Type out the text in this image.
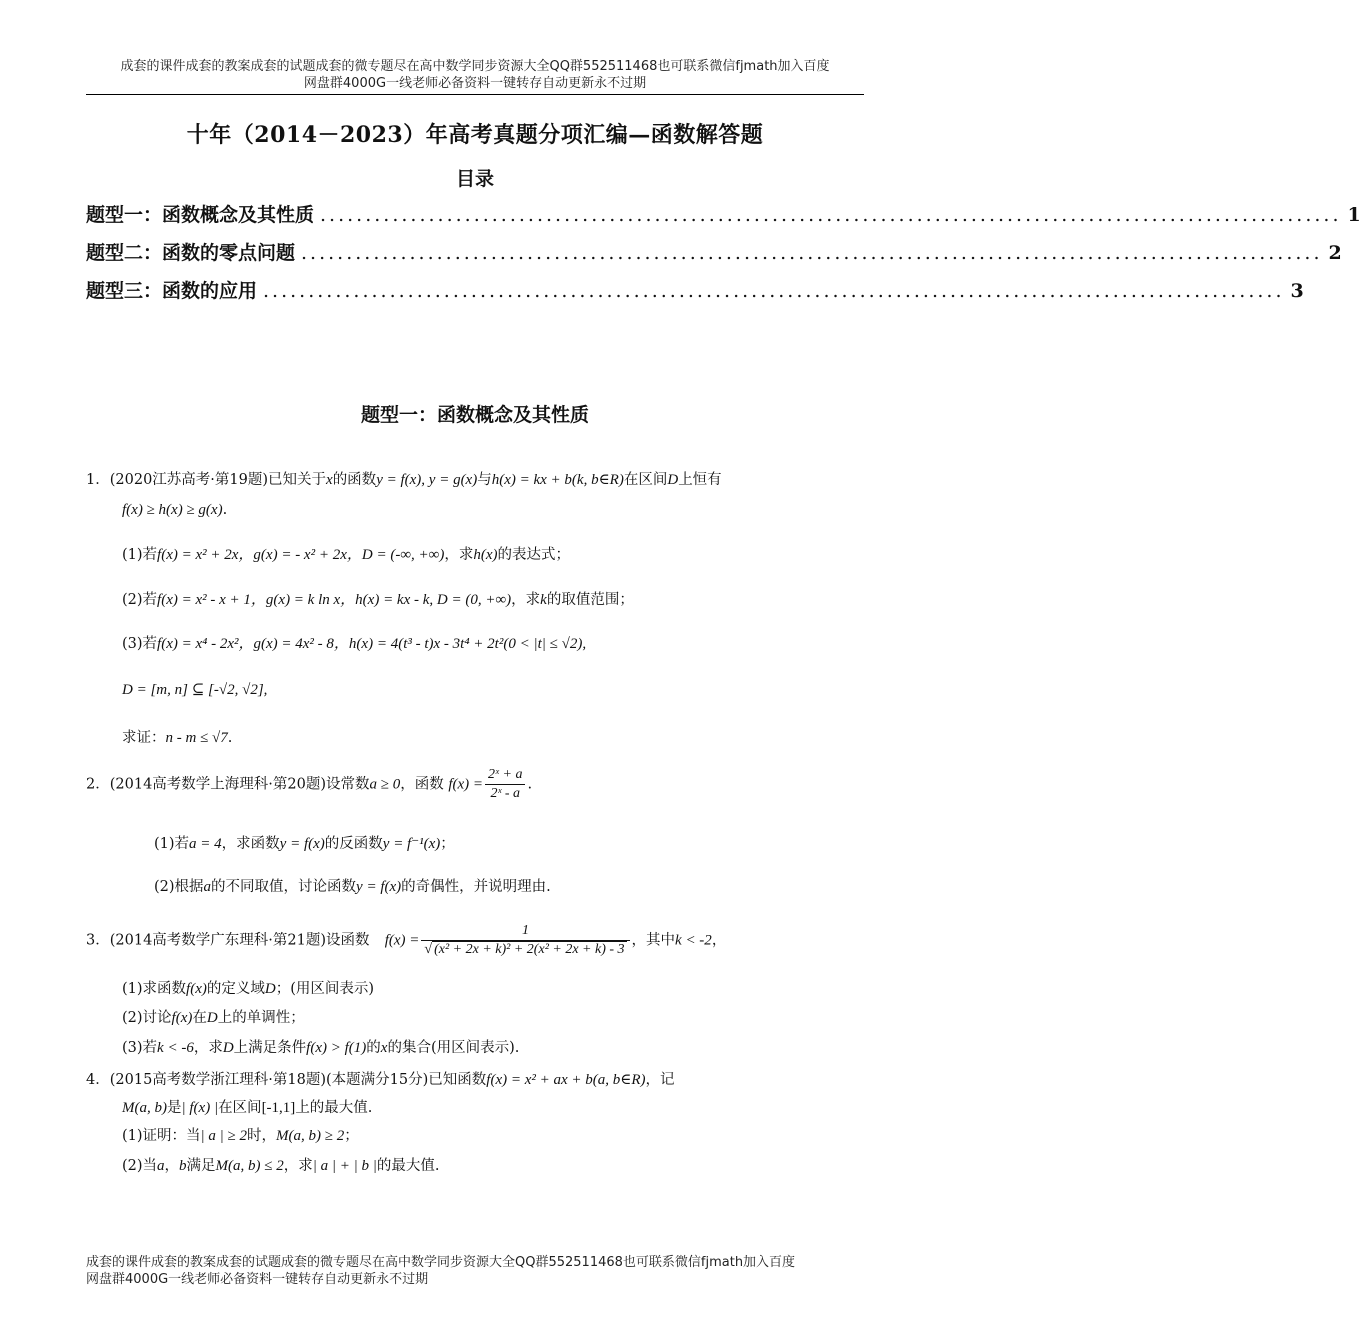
成套的课件成套的教案成套的试题成套的微专题尽在高中数学同步资源大全QQ群552511468也可联系微信fjmath加入百度
网盘群4000G一线老师必备资料一键转存自动更新永不过期
十年（2014－2023）年高考真题分项汇编—函数解答题
目录
题型一：函数概念及其性质 ................................................................................................................. 1
题型二：函数的零点问题 ................................................................................................................. 2
题型三：函数的应用 ................................................................................................................. 3
题型一：函数概念及其性质
1．(2020江苏高考·第19题)已知关于x的函数y = f(x), y = g(x)与h(x) = kx + b(k, b∈R)在区间D上恒有
f(x) ≥ h(x) ≥ g(x).
(1)若f(x) = x² + 2x，g(x) = - x² + 2x，D = (-∞, +∞)，求h(x)的表达式；
(2)若f(x) = x² - x + 1，g(x) = k ln x，h(x) = kx - k, D = (0, +∞)，求k的取值范围；
(3)若f(x) = x⁴ - 2x²，g(x) = 4x² - 8，h(x) = 4(t³ - t)x - 3t⁴ + 2t²(0 < |t| ≤ √2),
D = [m, n] ⊆ [-√2, √2],
求证：n - m ≤ √7.
2．(2014高考数学上海理科·第20题)设常数a ≥ 0，函数 $f(x) = \frac{\text{2ˣ + a}}{\text{2ˣ - a}}$ .
(1)若a = 4，求函数y = f(x)的反函数y = f⁻¹(x)；
(2)根据a的不同取值，讨论函数y = f(x)的奇偶性，并说明理由.
3．(2014高考数学广东理科·第21题)设函数 $f(x) = \frac{1}{\text{√ (x² + 2x + k)² + 2(x² + 2x + k) - 3}}$ ，其中k < -2，
(1)求函数f(x)的定义域D；(用区间表示)
(2)讨论f(x)在D上的单调性；
(3)若k < -6，求D上满足条件f(x) > f(1)的x的集合(用区间表示).
4．(2015高考数学浙江理科·第18题)(本题满分15分)已知函数f(x) = x² + ax + b(a, b∈R)，记
M(a, b)是| f(x) |在区间[-1,1]上的最大值.
(1)证明：当| a | ≥ 2时，M(a, b) ≥ 2；
(2)当a，b满足M(a, b) ≤ 2，求| a | + | b |的最大值.
成套的课件成套的教案成套的试题成套的微专题尽在高中数学同步资源大全QQ群552511468也可联系微信fjmath加入百度
网盘群4000G一线老师必备资料一键转存自动更新永不过期
